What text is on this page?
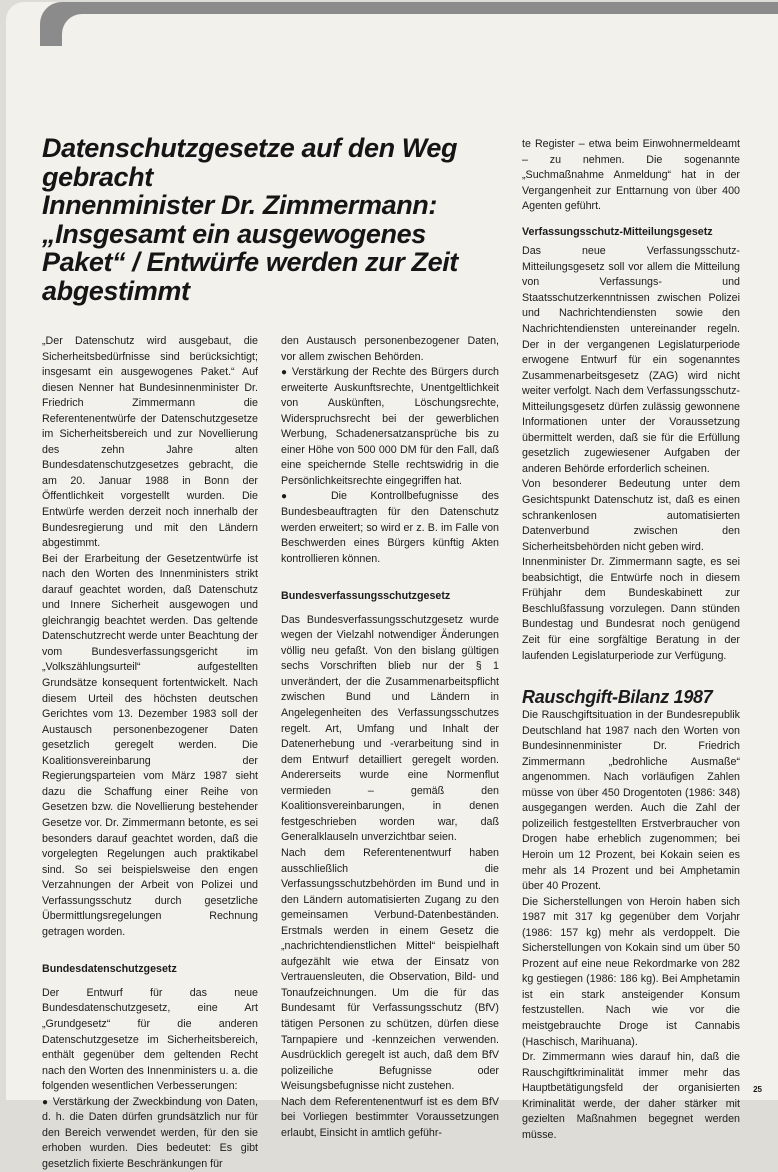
Datenschutzgesetze auf den Weg
gebracht
Innenminister Dr. Zimmermann:
„Insgesamt ein ausgewogenes
Paket“ / Entwürfe werden zur Zeit
abgestimmt

„Der Datenschutz wird ausgebaut, die Sicherheitsbedürfnisse sind berücksichtigt; insgesamt ein ausgewogenes Paket.“ Auf diesen Nenner hat Bundesinnenminister Dr. Friedrich Zimmermann die Referentenentwürfe der Datenschutzgesetze im Sicherheitsbereich und zur Novellierung des zehn Jahre alten Bundesdatenschutzgesetzes gebracht, die am 20. Januar 1988 in Bonn der Öffentlichkeit vorgestellt wurden. Die Entwürfe werden derzeit noch innerhalb der Bundesregierung und mit den Ländern abgestimmt.

Bei der Erarbeitung der Gesetzentwürfe ist nach den Worten des Innenministers strikt darauf geachtet worden, daß Datenschutz und Innere Sicherheit ausgewogen und gleichrangig beachtet werden. Das geltende Datenschutzrecht werde unter Beachtung der vom Bundesverfassungsgericht im „Volkszählungsurteil“ aufgestellten Grundsätze konsequent fortentwickelt. Nach diesem Urteil des höchsten deutschen Gerichtes vom 13. Dezember 1983 soll der Austausch personenbezogener Daten gesetzlich geregelt werden. Die Koalitionsvereinbarung der Regierungsparteien vom März 1987 sieht dazu die Schaffung einer Reihe von Gesetzen bzw. die Novellierung bestehender Gesetze vor. Dr. Zimmermann betonte, es sei besonders darauf geachtet worden, daß die vorgelegten Regelungen auch praktikabel sind. So sei beispielsweise den engen Verzahnungen der Arbeit von Polizei und Verfassungsschutz durch gesetzliche Übermittlungsregelungen Rechnung getragen worden.

Bundesdatenschutzgesetz

Der Entwurf für das neue Bundesdatenschutzgesetz, eine Art „Grundgesetz“ für die anderen Datenschutzgesetze im Sicherheitsbereich, enthält gegenüber dem geltenden Recht nach den Worten des Innenministers u. a. die folgenden wesentlichen Verbesserungen:

● Verstärkung der Zweckbindung von Daten, d. h. die Daten dürfen grundsätzlich nur für den Bereich verwendet werden, für den sie erhoben wurden. Dies bedeutet: Es gibt gesetzlich fixierte Beschränkungen für

den Austausch personenbezogener Daten, vor allem zwischen Behörden.

● Verstärkung der Rechte des Bürgers durch erweiterte Auskunftsrechte, Unentgeltlichkeit von Auskünften, Löschungsrechte, Widerspruchsrecht bei der gewerblichen Werbung, Schadenersatzansprüche bis zu einer Höhe von 500 000 DM für den Fall, daß eine speichernde Stelle rechtswidrig in die Persönlichkeitsrechte eingegriffen hat.

● Die Kontrollbefugnisse des Bundesbeauftragten für den Datenschutz werden erweitert; so wird er z. B. im Falle von Beschwerden eines Bürgers künftig Akten kontrollieren können.

Bundesverfassungsschutzgesetz

Das Bundesverfassungsschutzgesetz wurde wegen der Vielzahl notwendiger Änderungen völlig neu gefaßt. Von den bislang gültigen sechs Vorschriften blieb nur der § 1 unverändert, der die Zusammenarbeitspflicht zwischen Bund und Ländern in Angelegenheiten des Verfassungsschutzes regelt. Art, Umfang und Inhalt der Datenerhebung und -verarbeitung sind in dem Entwurf detailliert geregelt worden. Andererseits wurde eine Normenflut vermieden – gemäß den Koalitionsvereinbarungen, in denen festgeschrieben worden war, daß Generalklauseln unverzichtbar seien.

Nach dem Referentenentwurf haben ausschließlich die Verfassungsschutzbehörden im Bund und in den Ländern automatisierten Zugang zu den gemeinsamen Verbund-Datenbeständen. Erstmals werden in einem Gesetz die „nachrichtendienstlichen Mittel“ beispielhaft aufgezählt wie etwa der Einsatz von Vertrauensleuten, die Observation, Bild- und Tonaufzeichnungen. Um die für das Bundesamt für Verfassungsschutz (BfV) tätigen Personen zu schützen, dürfen diese Tarnpapiere und -kennzeichen verwenden. Ausdrücklich geregelt ist auch, daß dem BfV polizeiliche Befugnisse oder Weisungsbefugnisse nicht zustehen.

Nach dem Referentenentwurf ist es dem BfV bei Vorliegen bestimmter Voraussetzungen erlaubt, Einsicht in amtlich geführ-

te Register – etwa beim Einwohnermeldeamt – zu nehmen. Die sogenannte „Suchmaßnahme Anmeldung“ hat in der Vergangenheit zur Enttarnung von über 400 Agenten geführt.

Verfassungsschutz-Mitteilungsgesetz

Das neue Verfassungsschutz-Mitteilungsgesetz soll vor allem die Mitteilung von Verfassungs- und Staatsschutzerkenntnissen zwischen Polizei und Nachrichtendiensten sowie den Nachrichtendiensten untereinander regeln. Der in der vergangenen Legislaturperiode erwogene Entwurf für ein sogenanntes Zusammenarbeitsgesetz (ZAG) wird nicht weiter verfolgt. Nach dem Verfassungsschutz-Mitteilungsgesetz dürfen zulässig gewonnene Informationen unter der Voraussetzung übermittelt werden, daß sie für die Erfüllung gesetzlich zugewiesener Aufgaben der anderen Behörde erforderlich scheinen.

Von besonderer Bedeutung unter dem Gesichtspunkt Datenschutz ist, daß es einen schrankenlosen automatisierten Datenverbund zwischen den Sicherheitsbehörden nicht geben wird.

Innenminister Dr. Zimmermann sagte, es sei beabsichtigt, die Entwürfe noch in diesem Frühjahr dem Bundeskabinett zur Beschlußfassung vorzulegen. Dann stünden Bundestag und Bundesrat noch genügend Zeit für eine sorgfältige Beratung in der laufenden Legislaturperiode zur Verfügung.

Rauschgift-Bilanz 1987

Die Rauschgiftsituation in der Bundesrepublik Deutschland hat 1987 nach den Worten von Bundesinnenminister Dr. Friedrich Zimmermann „bedrohliche Ausmaße“ angenommen. Nach vorläufigen Zahlen müsse von über 450 Drogentoten (1986: 348) ausgegangen werden. Auch die Zahl der polizeilich festgestellten Erstverbraucher von Drogen habe erheblich zugenommen; bei Heroin um 12 Prozent, bei Kokain seien es mehr als 14 Prozent und bei Amphetamin über 40 Prozent.

Die Sicherstellungen von Heroin haben sich 1987 mit 317 kg gegenüber dem Vorjahr (1986: 157 kg) mehr als verdoppelt. Die Sicherstellungen von Kokain sind um über 50 Prozent auf eine neue Rekordmarke von 282 kg gestiegen (1986: 186 kg). Bei Amphetamin ist ein stark ansteigender Konsum festzustellen. Nach wie vor die meistgebrauchte Droge ist Cannabis (Haschisch, Marihuana).

Dr. Zimmermann wies darauf hin, daß die Rauschgiftkriminalität immer mehr das Hauptbetätigungsfeld der organisierten Kriminalität werde, der daher stärker mit gezielten Maßnahmen begegnet werden müsse.

25
